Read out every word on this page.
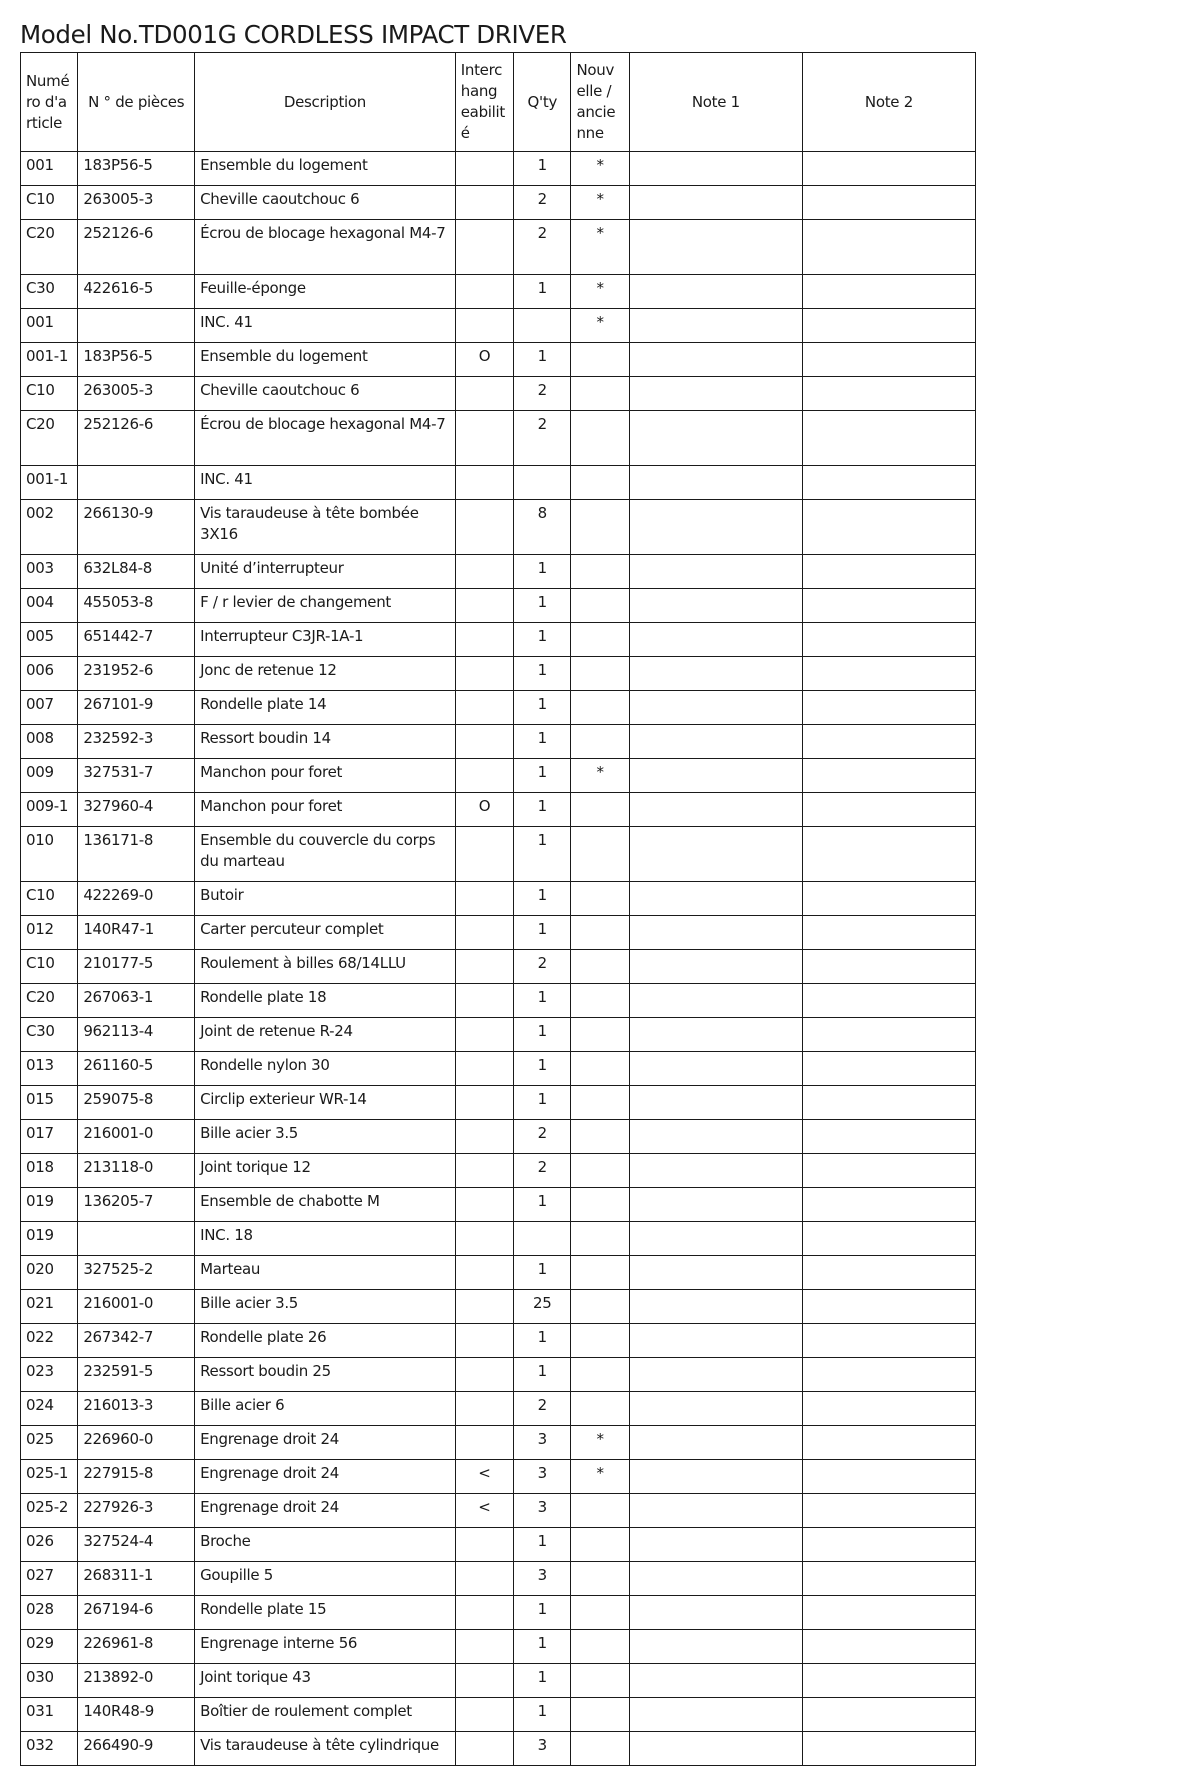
Model No.TD001G CORDLESS IMPACT DRIVER
Numé ro d'a rticle	N ° de pièces	Description	Interc hang eabilit é	Q'ty	Nouv elle / ancie nne	Note 1	Note 2
001	183P56-5	Ensemble du logement		1	*		
C10	263005-3	Cheville caoutchouc 6		2	*		
C20	252126-6	Écrou de blocage hexagonal M4-7		2	*		
C30	422616-5	Feuille-éponge		1	*		
001		INC. 41			*		
001-1	183P56-5	Ensemble du logement	O	1			
C10	263005-3	Cheville caoutchouc 6		2			
C20	252126-6	Écrou de blocage hexagonal M4-7		2			
001-1		INC. 41					
002	266130-9	Vis taraudeuse à tête bombée 3X16		8			
003	632L84-8	Unité d’interrupteur		1			
004	455053-8	F / r levier de changement		1			
005	651442-7	Interrupteur C3JR-1A-1		1			
006	231952-6	Jonc de retenue 12		1			
007	267101-9	Rondelle plate 14		1			
008	232592-3	Ressort boudin 14		1			
009	327531-7	Manchon pour foret		1	*		
009-1	327960-4	Manchon pour foret	O	1			
010	136171-8	Ensemble du couvercle du corps du marteau		1			
C10	422269-0	Butoir		1			
012	140R47-1	Carter percuteur complet		1			
C10	210177-5	Roulement à billes 68/14LLU		2			
C20	267063-1	Rondelle plate 18		1			
C30	962113-4	Joint de retenue R-24		1			
013	261160-5	Rondelle nylon 30		1			
015	259075-8	Circlip exterieur WR-14		1			
017	216001-0	Bille acier 3.5		2			
018	213118-0	Joint torique 12		2			
019	136205-7	Ensemble de chabotte M		1			
019		INC. 18					
020	327525-2	Marteau		1			
021	216001-0	Bille acier 3.5		25			
022	267342-7	Rondelle plate 26		1			
023	232591-5	Ressort boudin 25		1			
024	216013-3	Bille acier 6		2			
025	226960-0	Engrenage droit 24		3	*		
025-1	227915-8	Engrenage droit 24	<	3	*		
025-2	227926-3	Engrenage droit 24	<	3			
026	327524-4	Broche		1			
027	268311-1	Goupille 5		3			
028	267194-6	Rondelle plate 15		1			
029	226961-8	Engrenage interne 56		1			
030	213892-0	Joint torique 43		1			
031	140R48-9	Boîtier de roulement complet		1			
032	266490-9	Vis taraudeuse à tête cylindrique		3			
